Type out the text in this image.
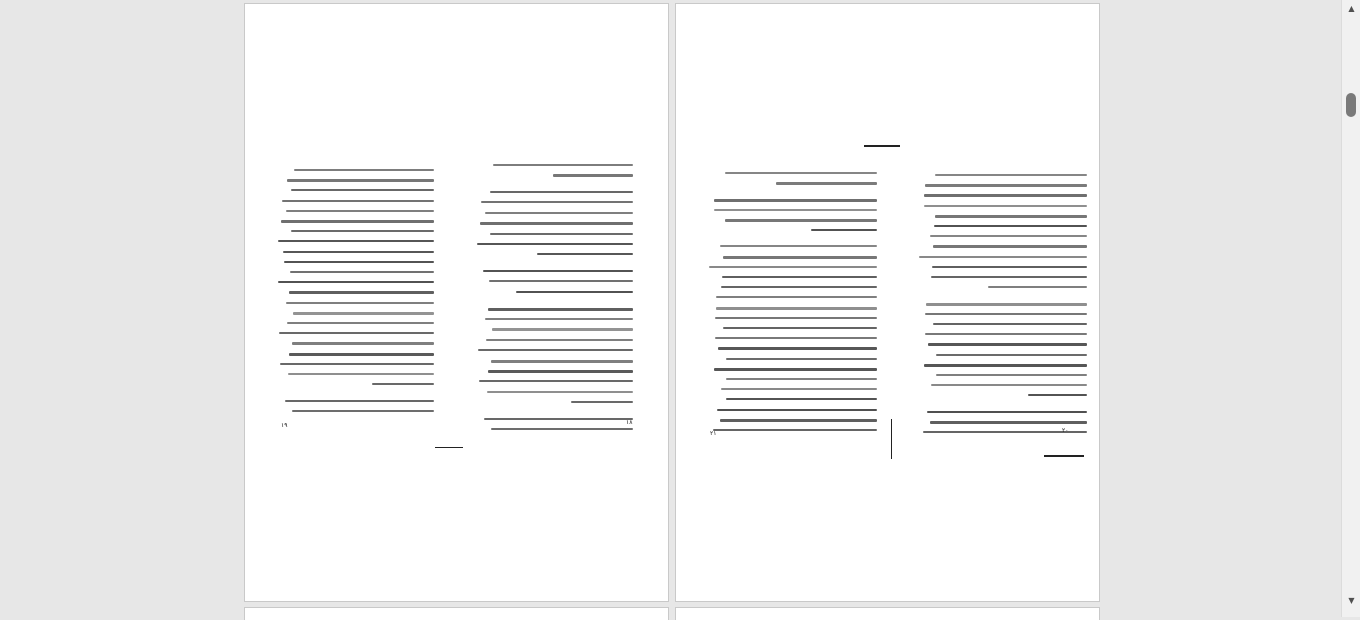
۱۸
۱۹
۲۰
۲۱
▲
▼
